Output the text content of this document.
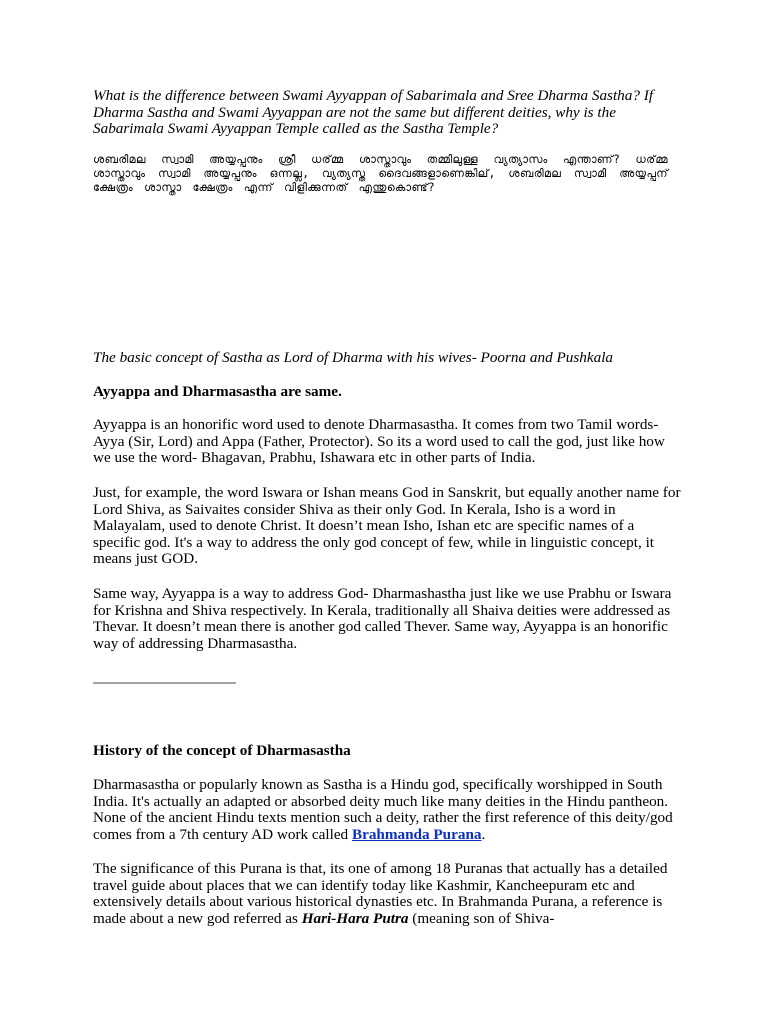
What is the difference between Swami Ayyappan of Sabarimala and Sree Dharma Sastha? If Dharma Sastha and Swami Ayyappan are not the same but different deities, why is the Sabarimala Swami Ayyappan Temple called as the Sastha Temple?

ശബരിമല സ്വാമി അയ്യപ്പനും ശ്രീ ധര്മ്മ ശാസ്താവും തമ്മിലുള്ള വ്യത്യാസം എന്താണ്? ധര്മ്മ ശാസ്താവും സ്വാമി അയ്യപ്പനും ഒന്നല്ല, വ്യത്യസ്ത ദൈവങ്ങളാണെങ്കില്, ശബരിമല സ്വാമി അയ്യപ്പന് ക്ഷേത്രം ശാസ്താ ക്ഷേത്രം എന്ന് വിളിക്കുന്നത് എന്തുകൊണ്ട്?

The basic concept of Sastha as Lord of Dharma with his wives- Poorna and Pushkala

Ayyappa and Dharmasastha are same.

Ayyappa is an honorific word used to denote Dharmasastha. It comes from two Tamil words- Ayya (Sir, Lord) and Appa (Father, Protector). So its a word used to call the god, just like how we use the word- Bhagavan, Prabhu, Ishawara etc in other parts of India.

Just, for example, the word Iswara or Ishan means God in Sanskrit, but equally another name for Lord Shiva, as Saivaites consider Shiva as their only God. In Kerala, Isho is a word in Malayalam, used to denote Christ. It doesn’t mean Isho, Ishan etc are specific names of a specific god. It's a way to address the only god concept of few, while in linguistic concept, it means just GOD.

Same way, Ayyappa is a way to address God- Dharmashastha just like we use Prabhu or Iswara for Krishna and Shiva respectively. In Kerala, traditionally all Shaiva deities were addressed as Thevar. It doesn’t mean there is another god called Thever. Same way, Ayyappa is an honorific way of addressing Dharmasastha.

History of the concept of Dharmasastha

Dharmasastha or popularly known as Sastha is a Hindu god, specifically worshipped in South India. It's actually an adapted or absorbed deity much like many deities in the Hindu pantheon. None of the ancient Hindu texts mention such a deity, rather the first reference of this deity/god comes from a 7th century AD work called Brahmanda Purana.

The significance of this Purana is that, its one of among 18 Puranas that actually has a detailed travel guide about places that we can identify today like Kashmir, Kancheepuram etc and extensively details about various historical dynasties etc. In Brahmanda Purana, a reference is made about a new god referred as Hari-Hara Putra (meaning son of Shiva-
